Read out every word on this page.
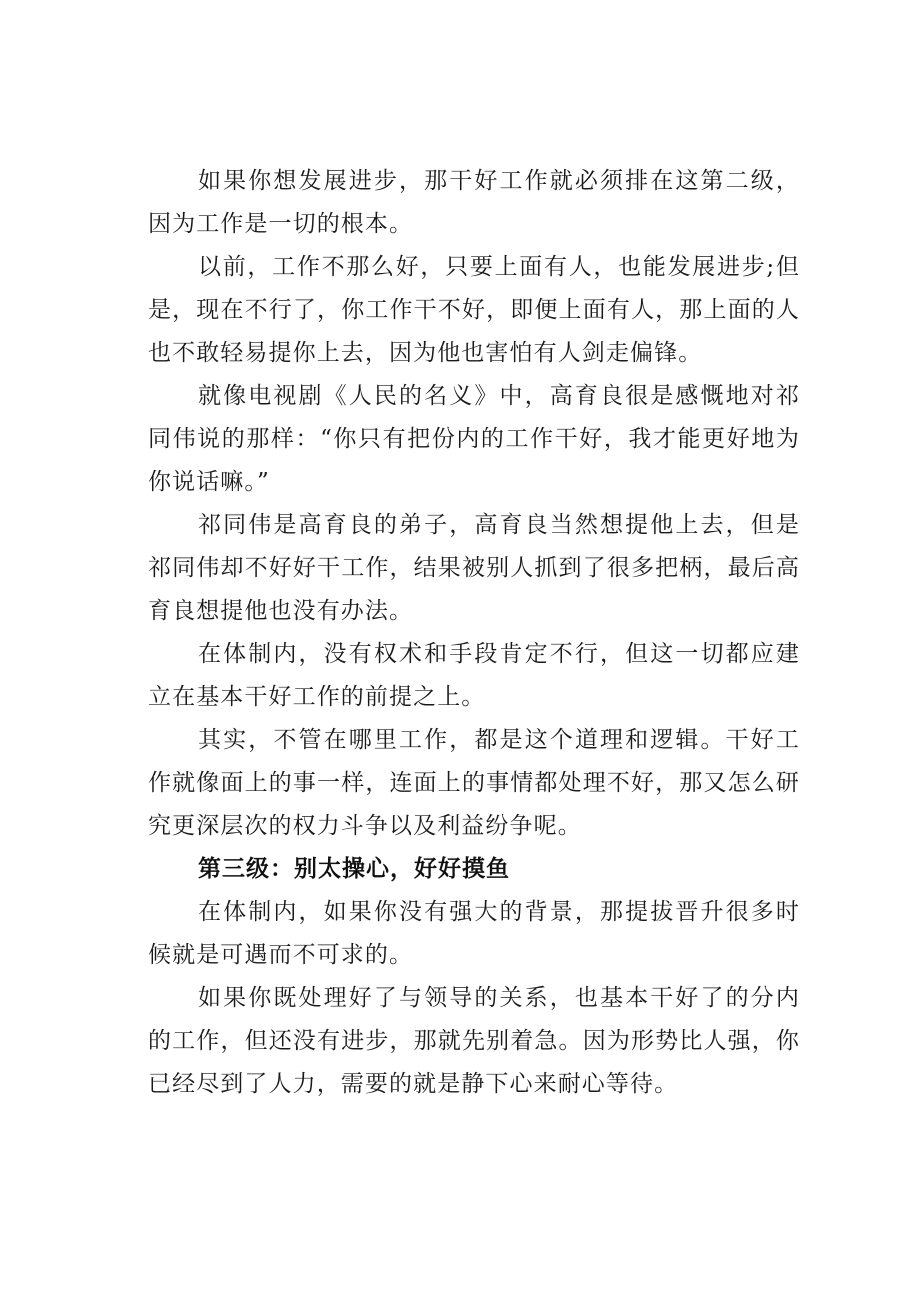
如果你想发展进步，那干好工作就必须排在这第二级，因为工作是一切的根本。

以前，工作不那么好，只要上面有人，也能发展进步;但是，现在不行了，你工作干不好，即便上面有人，那上面的人也不敢轻易提你上去，因为他也害怕有人剑走偏锋。

就像电视剧《人民的名义》中，高育良很是感慨地对祁同伟说的那样：“你只有把份内的工作干好，我才能更好地为你说话嘛。”

祁同伟是高育良的弟子，高育良当然想提他上去，但是祁同伟却不好好干工作，结果被别人抓到了很多把柄，最后高育良想提他也没有办法。

在体制内，没有权术和手段肯定不行，但这一切都应建立在基本干好工作的前提之上。

其实，不管在哪里工作，都是这个道理和逻辑。干好工作就像面上的事一样，连面上的事情都处理不好，那又怎么研究更深层次的权力斗争以及利益纷争呢。

第三级：别太操心，好好摸鱼

在体制内，如果你没有强大的背景，那提拔晋升很多时候就是可遇而不可求的。

如果你既处理好了与领导的关系，也基本干好了的分内的工作，但还没有进步，那就先别着急。因为形势比人强，你已经尽到了人力，需要的就是静下心来耐心等待。
